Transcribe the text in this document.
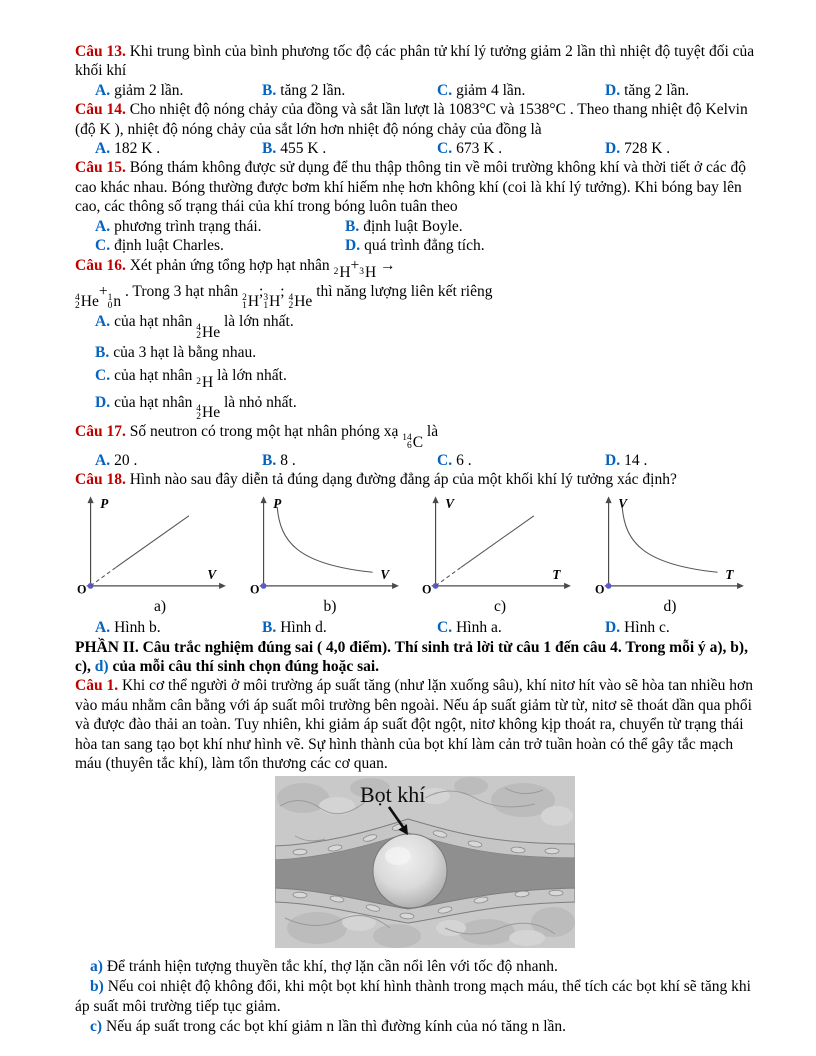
Câu 13. Khi trung bình của bình phương tốc độ các phân tử khí lý tưởng giảm 2 lần thì nhiệt độ tuyệt đối của khối khí

A. giảm 2 lần.	B. tăng 2 lần.	C. giảm 4 lần.	D. tăng 2 lần.

Câu 14. Cho nhiệt độ nóng chảy của đồng và sắt lần lượt là 1083°C và 1538°C . Theo thang nhiệt độ Kelvin (độ K ), nhiệt độ nóng chảy của sắt lớn hơn nhiệt độ nóng chảy của đồng là

A. 182 K .	B. 455 K .	C. 673 K .	D. 728 K .

Câu 15. Bóng thám không được sử dụng để thu thập thông tin về môi trường không khí và thời tiết ở các độ cao khác nhau. Bóng thường được bơm khí hiếm nhẹ hơn không khí (coi là khí lý tưởng). Khi bóng bay lên cao, các thông số trạng thái của khí trong bóng luôn tuân theo

A. phương trình trạng thái.	B. định luật Boyle.
C. định luật Charles.	D. quá trình đẳng tích.

Câu 16. Xét phản ứng tổng hợp hạt nhân 2 H + 3 H →

4
2 He
+ 1
0 n
. Trong 3 hạt nhân 2
1 H
; 3
1 H
; 4
2 He
thì năng lượng liên kết riêng

A. của hạt nhân 4
2 He
là lớn nhất.

B. của 3 hạt là bằng nhau.

C. của hạt nhân 2 H là lớn nhất.

D. của hạt nhân 4
2 He
là nhỏ nhất.

Câu 17. Số neutron có trong một hạt nhân phóng xạ 14
6 C
là

A. 20 .	B. 8 .	C. 6 .	D. 14 .

Câu 18. Hình nào sau đây diễn tả đúng dạng đường đẳng áp của một khối khí lý tưởng xác định?

P
V
O
P
V
O
V
T
O
V
T
O
a)	b)	c)	d)
A. Hình b.	B. Hình d.	C. Hình a.	D. Hình c.

PHẦN II. Câu trắc nghiệm đúng sai ( 4,0 điểm). Thí sinh trả lời từ câu 1 đến câu 4. Trong mỗi ý a), b), c), d) của mỗi câu thí sinh chọn đúng hoặc sai.

Câu 1. Khi cơ thể người ở môi trường áp suất tăng (như lặn xuống sâu), khí nitơ hít vào sẽ hòa tan nhiều hơn vào máu nhằm cân bằng với áp suất môi trường bên ngoài. Nếu áp suất giảm từ từ, nitơ sẽ thoát dần qua phổi và được đào thải an toàn. Tuy nhiên, khi giảm áp suất đột ngột, nitơ không kịp thoát ra, chuyển từ trạng thái hòa tan sang tạo bọt khí như hình vẽ. Sự hình thành của bọt khí làm cản trở tuần hoàn có thể gây tắc mạch máu (thuyên tắc khí), làm tổn thương các cơ quan.

Bọt khí

a) Để tránh hiện tượng thuyền tắc khí, thợ lặn cần nổi lên với tốc độ nhanh.

b) Nếu coi nhiệt độ không đổi, khi một bọt khí hình thành trong mạch máu, thể tích các bọt khí sẽ tăng khi áp suất môi trường tiếp tục giảm.

c) Nếu áp suất trong các bọt khí giảm n lần thì đường kính của nó tăng n lần.
